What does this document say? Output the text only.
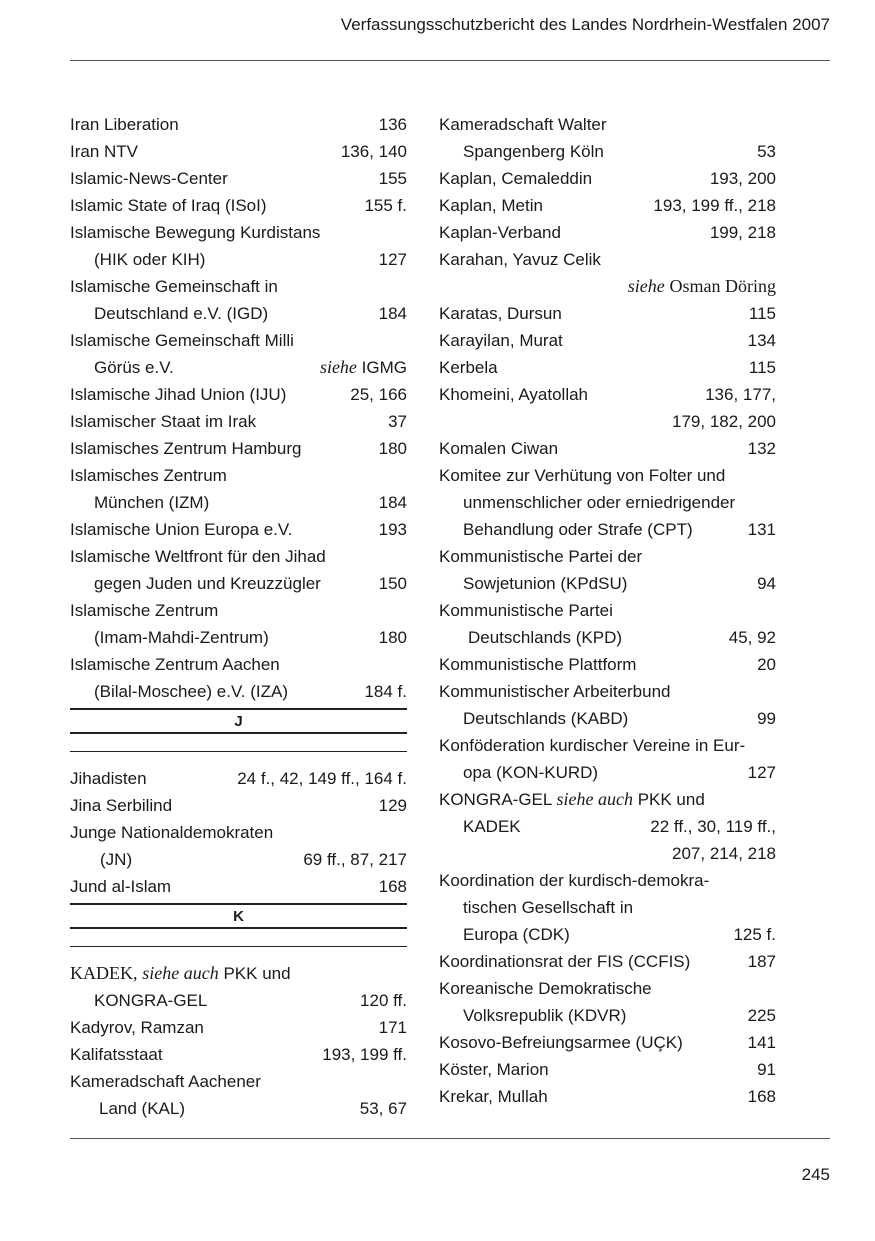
Verfassungsschutzbericht des Landes Nordrhein-Westfalen 2007
Iran Liberation	136
Iran NTV	136, 140
Islamic-News-Center	155
Islamic State of Iraq (ISoI)	155 f.
Islamische Bewegung Kurdistans
(HIK oder KIH)	127
Islamische Gemeinschaft in
Deutschland e.V. (IGD)	184
Islamische Gemeinschaft Milli
Görüs e.V.	siehe IGMG
Islamische Jihad Union (IJU)	25, 166
Islamischer Staat im Irak	37
Islamisches Zentrum Hamburg	180
Islamisches Zentrum
München (IZM)	184
Islamische Union Europa e.V.	193
Islamische Weltfront für den Jihad
gegen Juden und Kreuzzügler	150
Islamische Zentrum
(Imam-Mahdi-Zentrum)	180
Islamische Zentrum Aachen
(Bilal-Moschee) e.V. (IZA)	184 f.
J
Jihadisten	24 f., 42, 149 ff., 164 f.
Jina Serbilind	129
Junge Nationaldemokraten
(JN)	69 ff., 87, 217
Jund al-Islam	168
K
KADEK, siehe auch PKK und
KONGRA-GEL	120 ff.
Kadyrov, Ramzan	171
Kalifatsstaat	193, 199 ff.
Kameradschaft Aachener
Land (KAL)	53, 67
Kameradschaft Walter
Spangenberg Köln	53
Kaplan, Cemaleddin	193, 200
Kaplan, Metin	193, 199 ff., 218
Kaplan-Verband	199, 218
Karahan, Yavuz Celik
siehe Osman Döring
Karatas, Dursun	115
Karayilan, Murat	134
Kerbela	115
Khomeini, Ayatollah	136, 177,
179, 182, 200
Komalen Ciwan	132
Komitee zur Verhütung von Folter und
unmenschlicher oder erniedrigender
Behandlung oder Strafe (CPT)	131
Kommunistische Partei der
Sowjetunion (KPdSU)	94
Kommunistische Partei
Deutschlands (KPD)	45, 92
Kommunistische Plattform	20
Kommunistischer Arbeiterbund
Deutschlands (KABD)	99
Konföderation kurdischer Vereine in Eur-
opa (KON-KURD)	127
KONGRA-GEL siehe auch PKK und
KADEK	22 ff., 30, 119 ff.,
207, 214, 218
Koordination der kurdisch-demokra-
tischen Gesellschaft in
Europa (CDK)	125 f.
Koordinationsrat der FIS (CCFIS)	187
Koreanische Demokratische
Volksrepublik (KDVR)	225
Kosovo-Befreiungsarmee (UÇK)	141
Köster, Marion	91
Krekar, Mullah	168
245
